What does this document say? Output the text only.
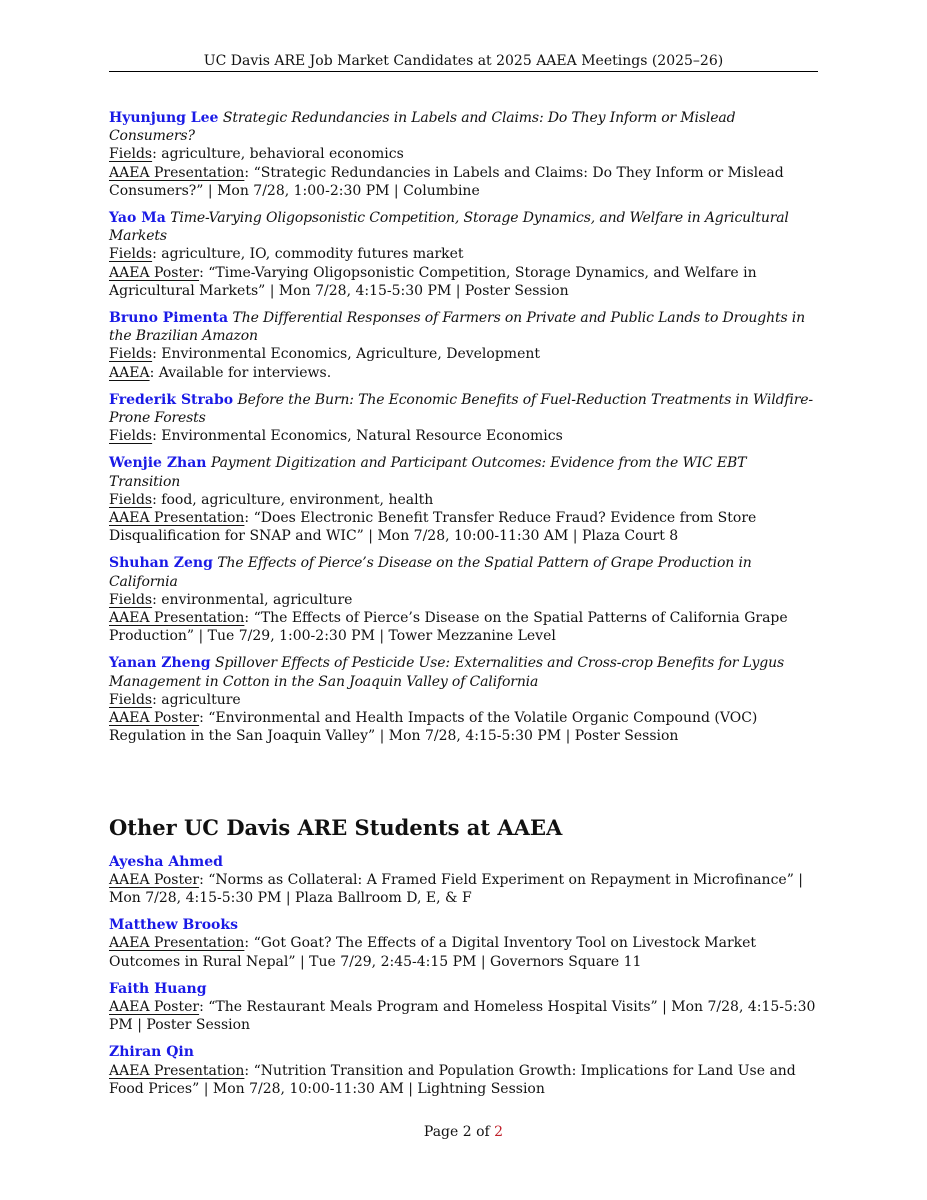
UC Davis ARE Job Market Candidates at 2025 AAEA Meetings (2025–26)
Hyunjung Lee Strategic Redundancies in Labels and Claims: Do They Inform or Mislead Consumers?
Fields: agriculture, behavioral economics
AAEA Presentation: “Strategic Redundancies in Labels and Claims: Do They Inform or Mislead Consumers?” | Mon 7/28, 1:00-2:30 PM | Columbine
Yao Ma Time-Varying Oligopsonistic Competition, Storage Dynamics, and Welfare in Agricultural Markets
Fields: agriculture, IO, commodity futures market
AAEA Poster: “Time-Varying Oligopsonistic Competition, Storage Dynamics, and Welfare in Agricultural Markets” | Mon 7/28, 4:15-5:30 PM | Poster Session
Bruno Pimenta The Differential Responses of Farmers on Private and Public Lands to Droughts in the Brazilian Amazon
Fields: Environmental Economics, Agriculture, Development
AAEA: Available for interviews.
Frederik Strabo Before the Burn: The Economic Benefits of Fuel-Reduction Treatments in Wildfire-Prone Forests
Fields: Environmental Economics, Natural Resource Economics
Wenjie Zhan Payment Digitization and Participant Outcomes: Evidence from the WIC EBT Transition
Fields: food, agriculture, environment, health
AAEA Presentation: “Does Electronic Benefit Transfer Reduce Fraud? Evidence from Store Disqualification for SNAP and WIC” | Mon 7/28, 10:00-11:30 AM | Plaza Court 8
Shuhan Zeng The Effects of Pierce’s Disease on the Spatial Pattern of Grape Production in California
Fields: environmental, agriculture
AAEA Presentation: “The Effects of Pierce’s Disease on the Spatial Patterns of California Grape Production” | Tue 7/29, 1:00-2:30 PM | Tower Mezzanine Level
Yanan Zheng Spillover Effects of Pesticide Use: Externalities and Cross-crop Benefits for Lygus Management in Cotton in the San Joaquin Valley of California
Fields: agriculture
AAEA Poster: “Environmental and Health Impacts of the Volatile Organic Compound (VOC) Regulation in the San Joaquin Valley” | Mon 7/28, 4:15-5:30 PM | Poster Session
Other UC Davis ARE Students at AAEA
Ayesha Ahmed
AAEA Poster: “Norms as Collateral: A Framed Field Experiment on Repayment in Microfinance” | Mon 7/28, 4:15-5:30 PM | Plaza Ballroom D, E, & F
Matthew Brooks
AAEA Presentation: “Got Goat? The Effects of a Digital Inventory Tool on Livestock Market Outcomes in Rural Nepal” | Tue 7/29, 2:45-4:15 PM | Governors Square 11
Faith Huang
AAEA Poster: “The Restaurant Meals Program and Homeless Hospital Visits” | Mon 7/28, 4:15-5:30 PM | Poster Session
Zhiran Qin
AAEA Presentation: “Nutrition Transition and Population Growth: Implications for Land Use and Food Prices” | Mon 7/28, 10:00-11:30 AM | Lightning Session
Page 2 of 2
